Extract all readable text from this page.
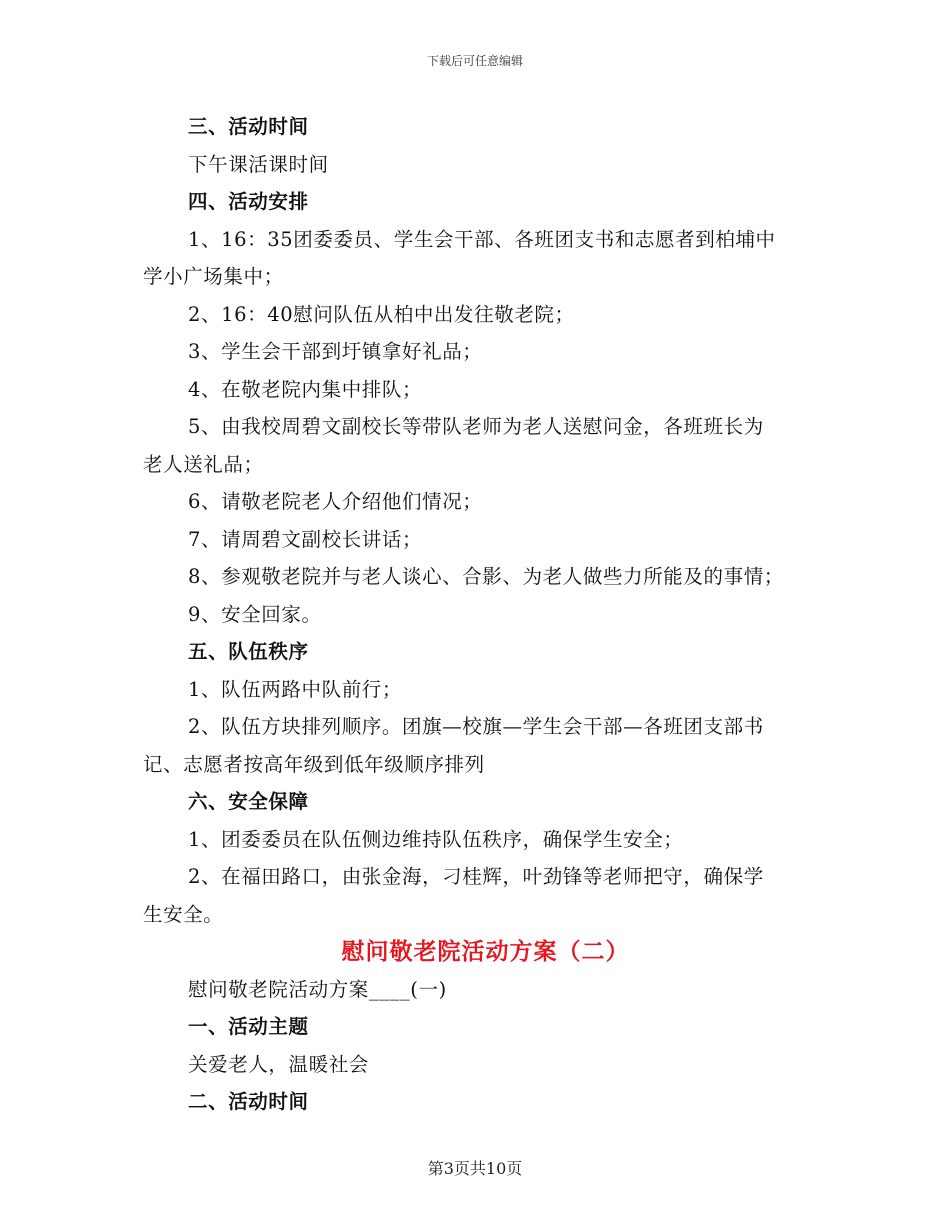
下载后可任意编辑
三、活动时间
下午课活课时间
四、活动安排
1、16：35团委委员、学生会干部、各班团支书和志愿者到柏埔中
学小广场集中；
2、16：40慰问队伍从柏中出发往敬老院；
3、学生会干部到圩镇拿好礼品；
4、在敬老院内集中排队；
5、由我校周碧文副校长等带队老师为老人送慰问金，各班班长为
老人送礼品；
6、请敬老院老人介绍他们情况；
7、请周碧文副校长讲话；
8、参观敬老院并与老人谈心、合影、为老人做些力所能及的事情；
9、安全回家。
五、队伍秩序
1、队伍两路中队前行；
2、队伍方块排列顺序。团旗—校旗—学生会干部—各班团支部书
记、志愿者按高年级到低年级顺序排列
六、安全保障
1、团委委员在队伍侧边维持队伍秩序，确保学生安全；
2、在福田路口，由张金海，刁桂辉，叶劲锋等老师把守，确保学
生安全。
慰问敬老院活动方案（二）
慰问敬老院活动方案____(一)
一、活动主题
关爱老人，温暖社会
二、活动时间
第3页共10页
